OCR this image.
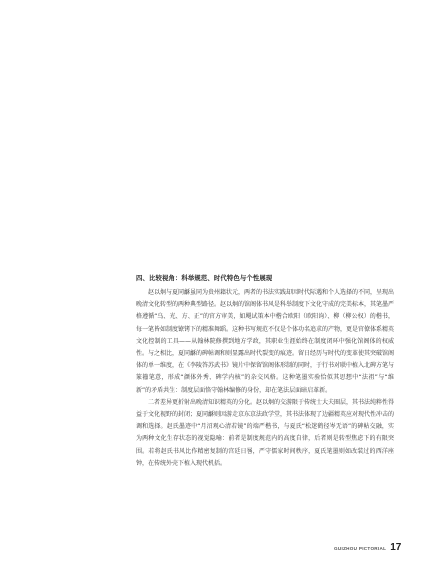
四、比较视角：科举规范、时代特色与个性展现

赵以炯与夏同龢虽同为贵州籍状元，两者的书法实践却因时代际遇和个人选择的不同，呈现出晚清文化转型的两种典型路径。赵以炯的馆阁体书风是科举制度下文化守成的完美标本，其笔墨严格遵循“乌、光、方、正”的官方审美，如飓试策本中楷合欧阳（欧阳询）、柳（柳公权）的楷书，每一笔皆如制度镣铐下的精准舞蹈。这种书写规范不仅是个体功名追求的产物，更是官僚体系精英文化控制的工具——从翰林院修撰到地方学政，其职业生涯始终在制度闭环中强化馆阁体的权威性。与之相比，夏同龢的碑帖调和则显露出时代裂变的痕迹。留日经历与时代的变革使其突破馆阁体的单一维度，在《李陵答苏武书》镜片中保留馆阁体形制的同时，于行书对联中植入北碑方笔与篆籀笔意，形成“颜体外秀、碑学内核”的杂交风格。这种笔墨实验恰似其思想中“法祖”与“维新”的矛盾共生：制度层面恪守翰林编修的身份，却在笔法层面暗启革新。

二者差异更折射出晚清知识精英的分化。赵以炯的交游限于传统士大夫圈层，其书法纯粹性得益于文化视野的封闭；夏同龢则因游走京东京法政学堂，其书法体现了边疆精英应对现代性冲击的调和选择。赵氏墨迹中“月沼观心清若镜”的端严楷书，与夏氏“松迷鹤径岑无语”的碑帖交融，实为两种文化生存状态的视觉隐喻：前者是制度规范内的高度自律，后者则是转型焦虑下的有限突围。若将赵氏书风比作精密复制的宫廷日晷，严守儒家时间秩序，夏氏笔墨则如改装过的西洋座钟，在传统外壳下植入现代机括。

GUIZHOU PICTORIAL 17
